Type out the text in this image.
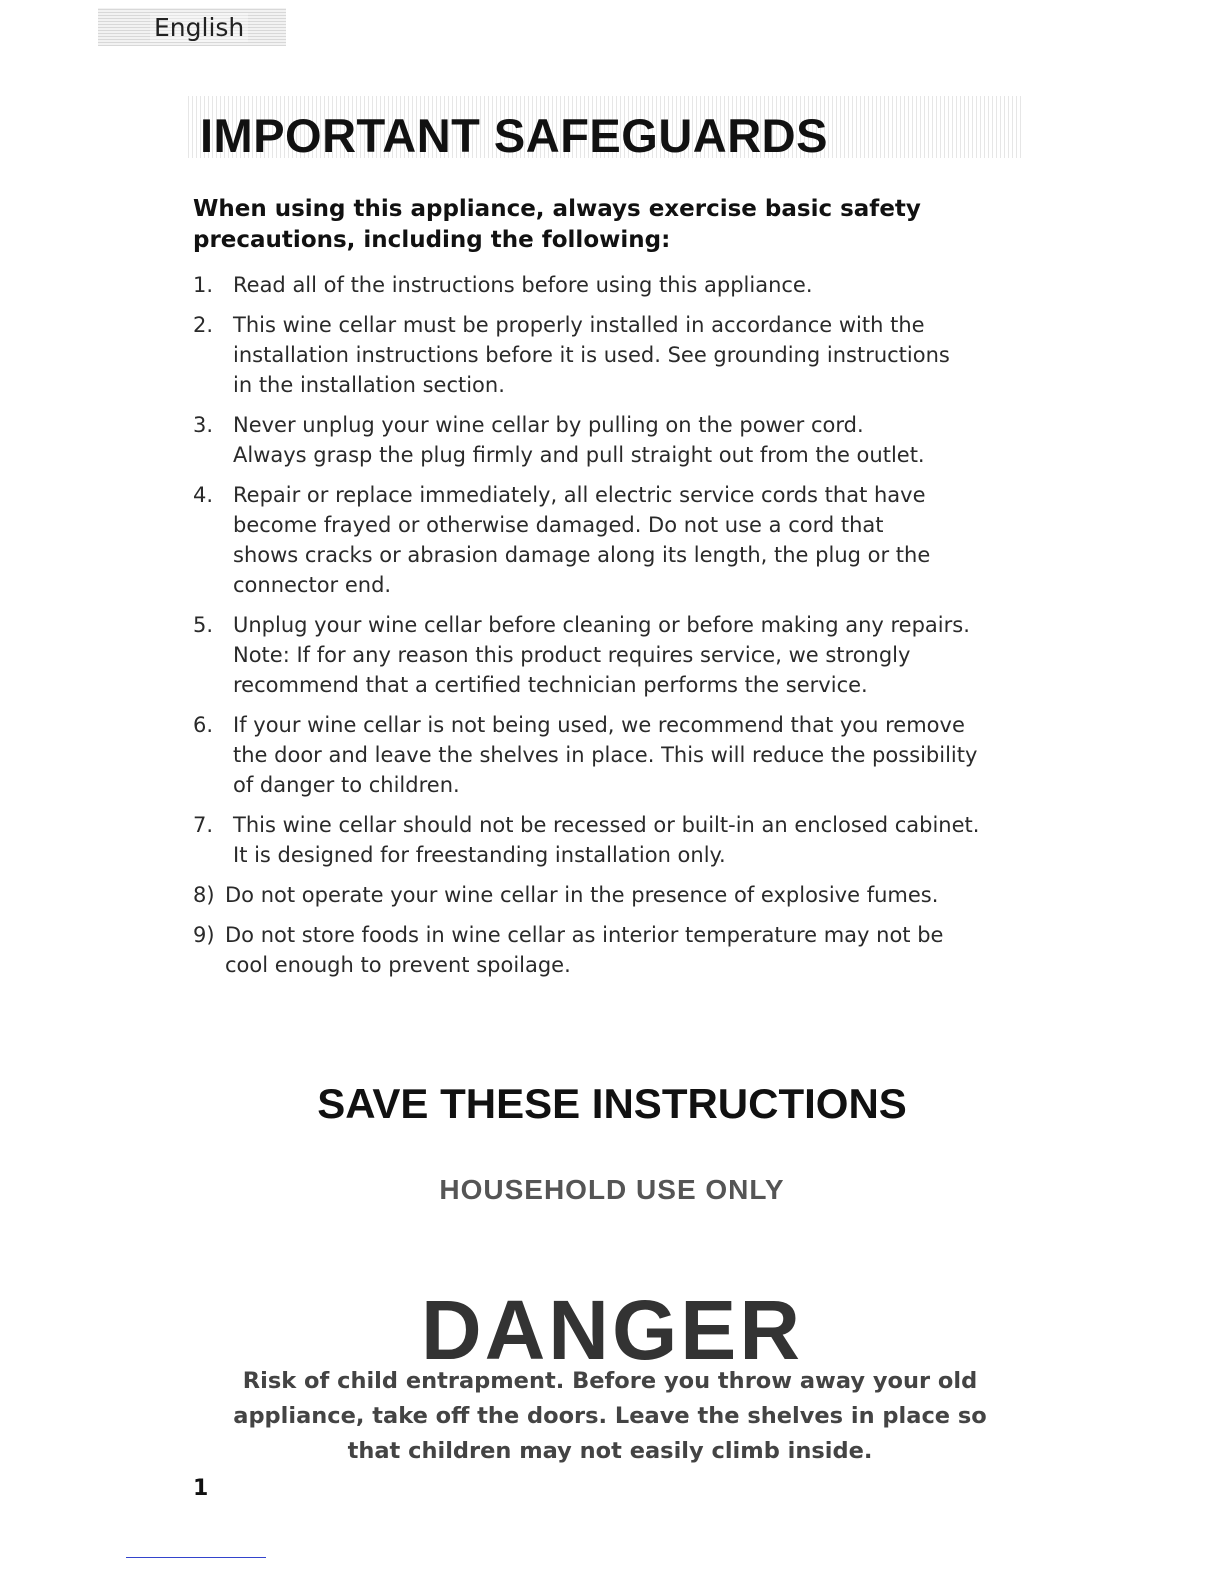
English
IMPORTANT SAFEGUARDS

When using this appliance, always exercise basic safety precautions, including the following:

1. Read all of the instructions before using this appliance.
2. This wine cellar must be properly installed in accordance with the
installation instructions before it is used. See grounding instructions
in the installation section.
3. Never unplug your wine cellar by pulling on the power cord.
Always grasp the plug firmly and pull straight out from the outlet.
4. Repair or replace immediately, all electric service cords that have
become frayed or otherwise damaged. Do not use a cord that
shows cracks or abrasion damage along its length, the plug or the
connector end.
5. Unplug your wine cellar before cleaning or before making any repairs.
Note: If for any reason this product requires service, we strongly
recommend that a certified technician performs the service.
6. If your wine cellar is not being used, we recommend that you remove
the door and leave the shelves in place. This will reduce the possibility
of danger to children.
7. This wine cellar should not be recessed or built-in an enclosed cabinet.
It is designed for freestanding installation only.
8) Do not operate your wine cellar in the presence of explosive fumes.
9) Do not store foods in wine cellar as interior temperature may not be
cool enough to prevent spoilage.
SAVE THESE INSTRUCTIONS
HOUSEHOLD USE ONLY
DANGER
Risk of child entrapment. Before you throw away your old
appliance, take off the doors. Leave the shelves in place so
that children may not easily climb inside.
1
